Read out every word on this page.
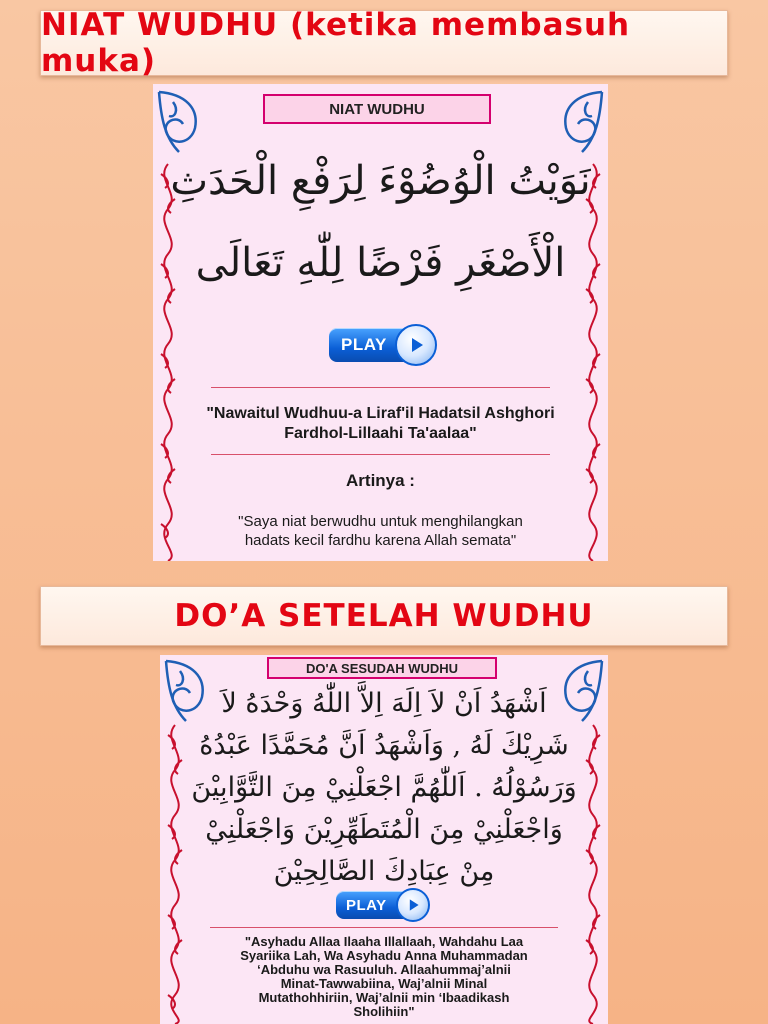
NIAT WUDHU (ketika membasuh muka)
NIAT WUDHU
نَوَيْتُ الْوُضُوْءَ لِرَفْعِ الْحَدَثِ
الْأَصْغَرِ فَرْضًا لِلّٰهِ تَعَالَى
PLAY
"Nawaitul Wudhuu-a Liraf'il Hadatsil Ashghori
Fardhol-Lillaahi Ta'aalaa"
Artinya :
"Saya niat berwudhu untuk menghilangkan
hadats kecil fardhu karena Allah semata"
DO’A SETELAH WUDHU
DO'A SESUDAH WUDHU
اَشْهَدُ اَنْ لاَ اِلَهَ اِلاَّ اللّٰهُ وَحْدَهُ لاَ
شَرِيْكَ لَهُ , وَاَشْهَدُ اَنَّ مُحَمَّدًا عَبْدُهُ
وَرَسُوْلُهُ . اَللّٰهُمَّ اجْعَلْنِيْ مِنَ التَّوَّابِيْنَ
وَاجْعَلْنِيْ مِنَ الْمُتَطَهِّرِيْنَ وَاجْعَلْنِيْ
مِنْ عِبَادِكَ الصَّالِحِيْنَ
PLAY
"Asyhadu Allaa Ilaaha Illallaah, Wahdahu Laa
Syariika Lah, Wa Asyhadu Anna Muhammadan
‘Abduhu wa Rasuuluh. Allaahummaj’alnii
Minat-Tawwabiina, Waj’alnii Minal
Mutathohhiriin, Waj’alnii min ‘Ibaadikash
Sholihiin"
